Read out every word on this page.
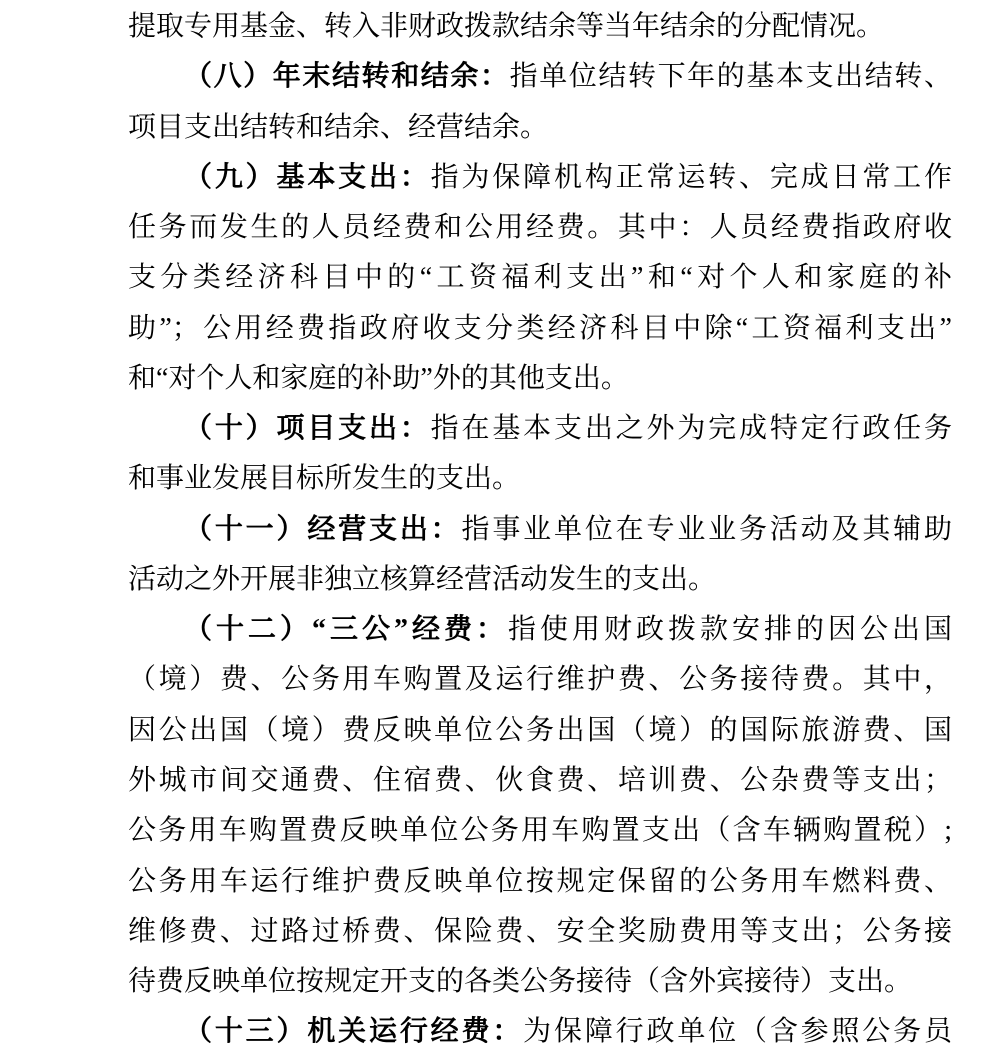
提取专用基金、转入非财政拨款结余等当年结余的分配情况。

（八）年末结转和结余：指单位结转下年的基本支出结转、

项目支出结转和结余、经营结余。

（九）基本支出：指为保障机构正常运转、完成日常工作

任务而发生的人员经费和公用经费。其中：人员经费指政府收

支分类经济科目中的“工资福利支出”和“对个人和家庭的补

助”；公用经费指政府收支分类经济科目中除“工资福利支出”

和“对个人和家庭的补助”外的其他支出。

（十）项目支出：指在基本支出之外为完成特定行政任务

和事业发展目标所发生的支出。

（十一）经营支出：指事业单位在专业业务活动及其辅助

活动之外开展非独立核算经营活动发生的支出。

（十二）“三公”经费：指使用财政拨款安排的因公出国

（境）费、公务用车购置及运行维护费、公务接待费。其中，

因公出国（境）费反映单位公务出国（境）的国际旅游费、国

外城市间交通费、住宿费、伙食费、培训费、公杂费等支出；

公务用车购置费反映单位公务用车购置支出（含车辆购置税）;

公务用车运行维护费反映单位按规定保留的公务用车燃料费、

维修费、过路过桥费、保险费、安全奖励费用等支出；公务接

待费反映单位按规定开支的各类公务接待（含外宾接待）支出。

（十三）机关运行经费：为保障行政单位（含参照公务员
